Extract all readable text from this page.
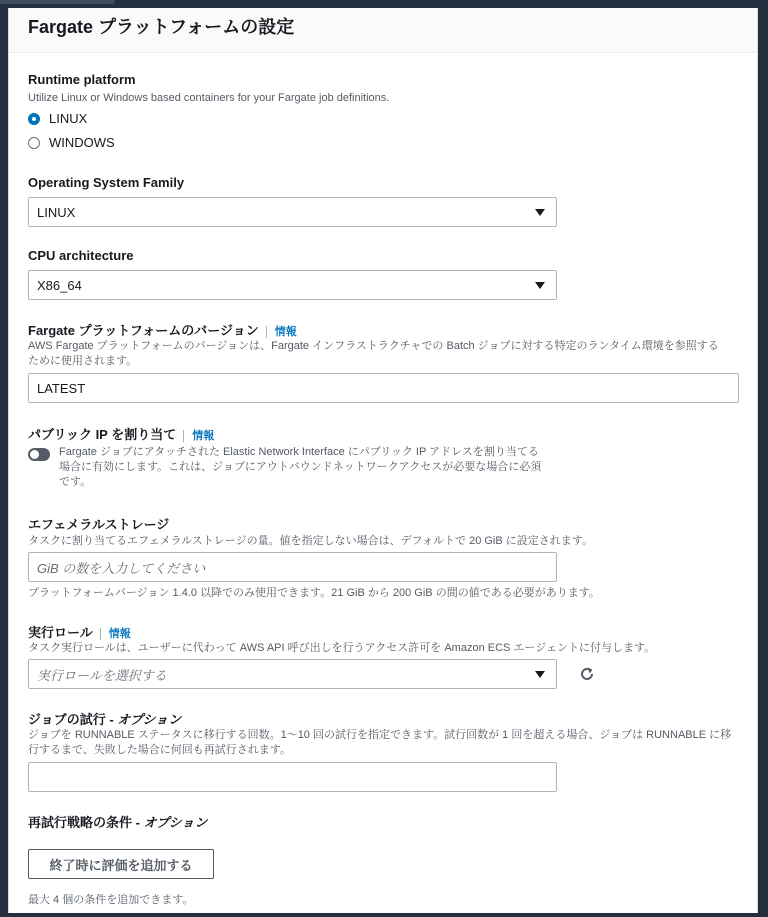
Fargate プラットフォームの設定
Runtime platform
Utilize Linux or Windows based containers for your Fargate job definitions.
LINUX
WINDOWS
Operating System Family
LINUX
CPU architecture
X86_64
Fargate プラットフォームのバージョン 情報
AWS Fargate プラットフォームのバージョンは、Fargate インフラストラクチャでの Batch ジョブに対する特定のランタイム環境を参照する
ために使用されます。
LATEST
パブリック IP を割り当て 情報
Fargate ジョブにアタッチされた Elastic Network Interface にパブリック IP アドレスを割り当てる
場合に有効にします。これは、ジョブにアウトバウンドネットワークアクセスが必要な場合に必須
です。
エフェメラルストレージ
タスクに割り当てるエフェメラルストレージの量。値を指定しない場合は、デフォルトで 20 GiB に設定されます。
GiB の数を入力してください
プラットフォームバージョン 1.4.0 以降でのみ使用できます。21 GiB から 200 GiB の間の値である必要があります。
実行ロール 情報
タスク実行ロールは、ユーザーに代わって AWS API 呼び出しを行うアクセス許可を Amazon ECS エージェントに付与します。
実行ロールを選択する
ジョブの試行 - オプション
ジョブを RUNNABLE ステータスに移行する回数。1〜10 回の試行を指定できます。試行回数が 1 回を超える場合、ジョブは RUNNABLE に移
行するまで、失敗した場合に何回も再試行されます。
再試行戦略の条件 - オプション
終了時に評価を追加する
最大 4 個の条件を追加できます。
